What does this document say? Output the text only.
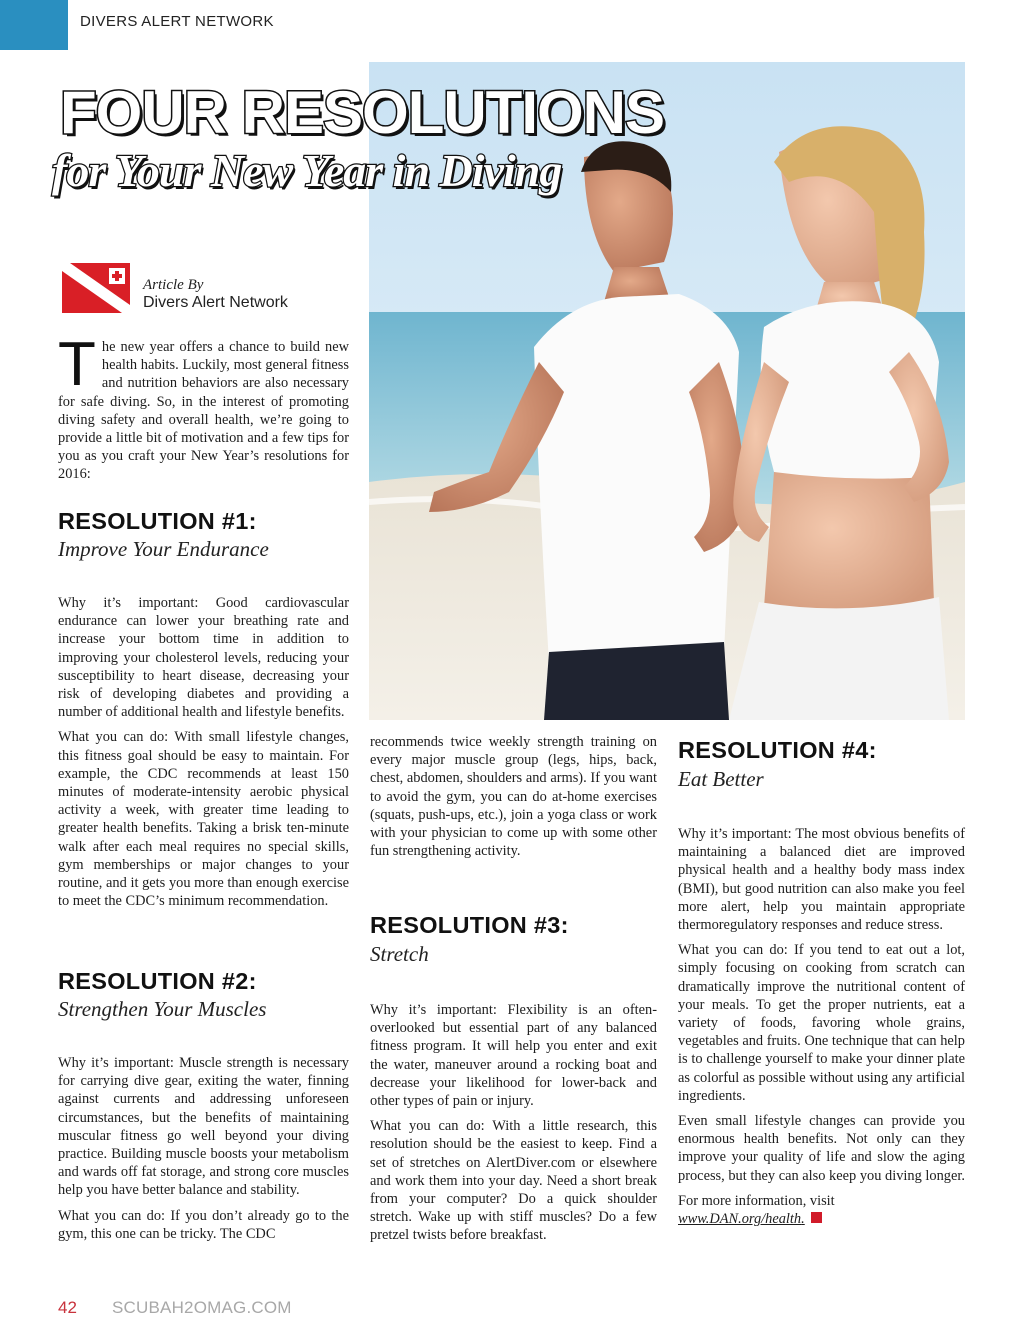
DIVERS ALERT NETWORK
FOUR RESOLUTIONS
for Your New Year in Diving
Article By
Divers Alert Network
The new year offers a chance to build new health habits. Luckily, most general fitness and nutrition behaviors are also necessary for safe diving. So, in the interest of promoting diving safety and overall health, we’re going to provide a little bit of motivation and a few tips for you as you craft your New Year’s resolutions for 2016:
RESOLUTION #1:
Improve Your Endurance

Why it’s important: Good cardiovascular endurance can lower your breathing rate and increase your bottom time in addition to improving your cholesterol levels, reducing your susceptibility to heart disease, decreasing your risk of developing diabetes and providing a number of additional health and lifestyle benefits.

What you can do: With small lifestyle changes, this fitness goal should be easy to maintain. For example, the CDC recommends at least 150 minutes of moderate-intensity aerobic physical activity a week, with greater time leading to greater health benefits. Taking a brisk ten-minute walk after each meal requires no special skills, gym memberships or major changes to your routine, and it gets you more than enough exercise to meet the CDC’s minimum recommendation.

RESOLUTION #2:
Strengthen Your Muscles

Why it’s important: Muscle strength is necessary for carrying dive gear, exiting the water, finning against currents and addressing unforeseen circumstances, but the benefits of maintaining muscular fitness go well beyond your diving practice. Building muscle boosts your metabolism and wards off fat storage, and strong core muscles help you have better balance and stability.

What you can do: If you don’t already go to the gym, this one can be tricky. The CDC

recommends twice weekly strength training on every major muscle group (legs, hips, back, chest, abdomen, shoulders and arms). If you want to avoid the gym, you can do at-home exercises (squats, push-ups, etc.), join a yoga class or work with your physician to come up with some other fun strengthening activity.

RESOLUTION #3:
Stretch

Why it’s important: Flexibility is an often-overlooked but essential part of any balanced fitness program. It will help you enter and exit the water, maneuver around a rocking boat and decrease your likelihood for lower-back and other types of pain or injury.

What you can do: With a little research, this resolution should be the easiest to keep. Find a set of stretches on AlertDiver.com or elsewhere and work them into your day. Need a short break from your computer? Do a quick shoulder stretch. Wake up with stiff muscles? Do a few pretzel twists before breakfast.

RESOLUTION #4:
Eat Better

Why it’s important: The most obvious benefits of maintaining a balanced diet are improved physical health and a healthy body mass index (BMI), but good nutrition can also make you feel more alert, help you maintain appropriate thermoregulatory responses and reduce stress.

What you can do: If you tend to eat out a lot, simply focusing on cooking from scratch can dramatically improve the nutritional content of your meals. To get the proper nutrients, eat a variety of foods, favoring whole grains, vegetables and fruits. One technique that can help is to challenge yourself to make your dinner plate as colorful as possible without using any artificial ingredients.

Even small lifestyle changes can provide you enormous health benefits. Not only can they improve your quality of life and slow the aging process, but they can also keep you diving longer.

For more information, visit www.DAN.org/health.

42 SCUBAH2OMAG.COM
